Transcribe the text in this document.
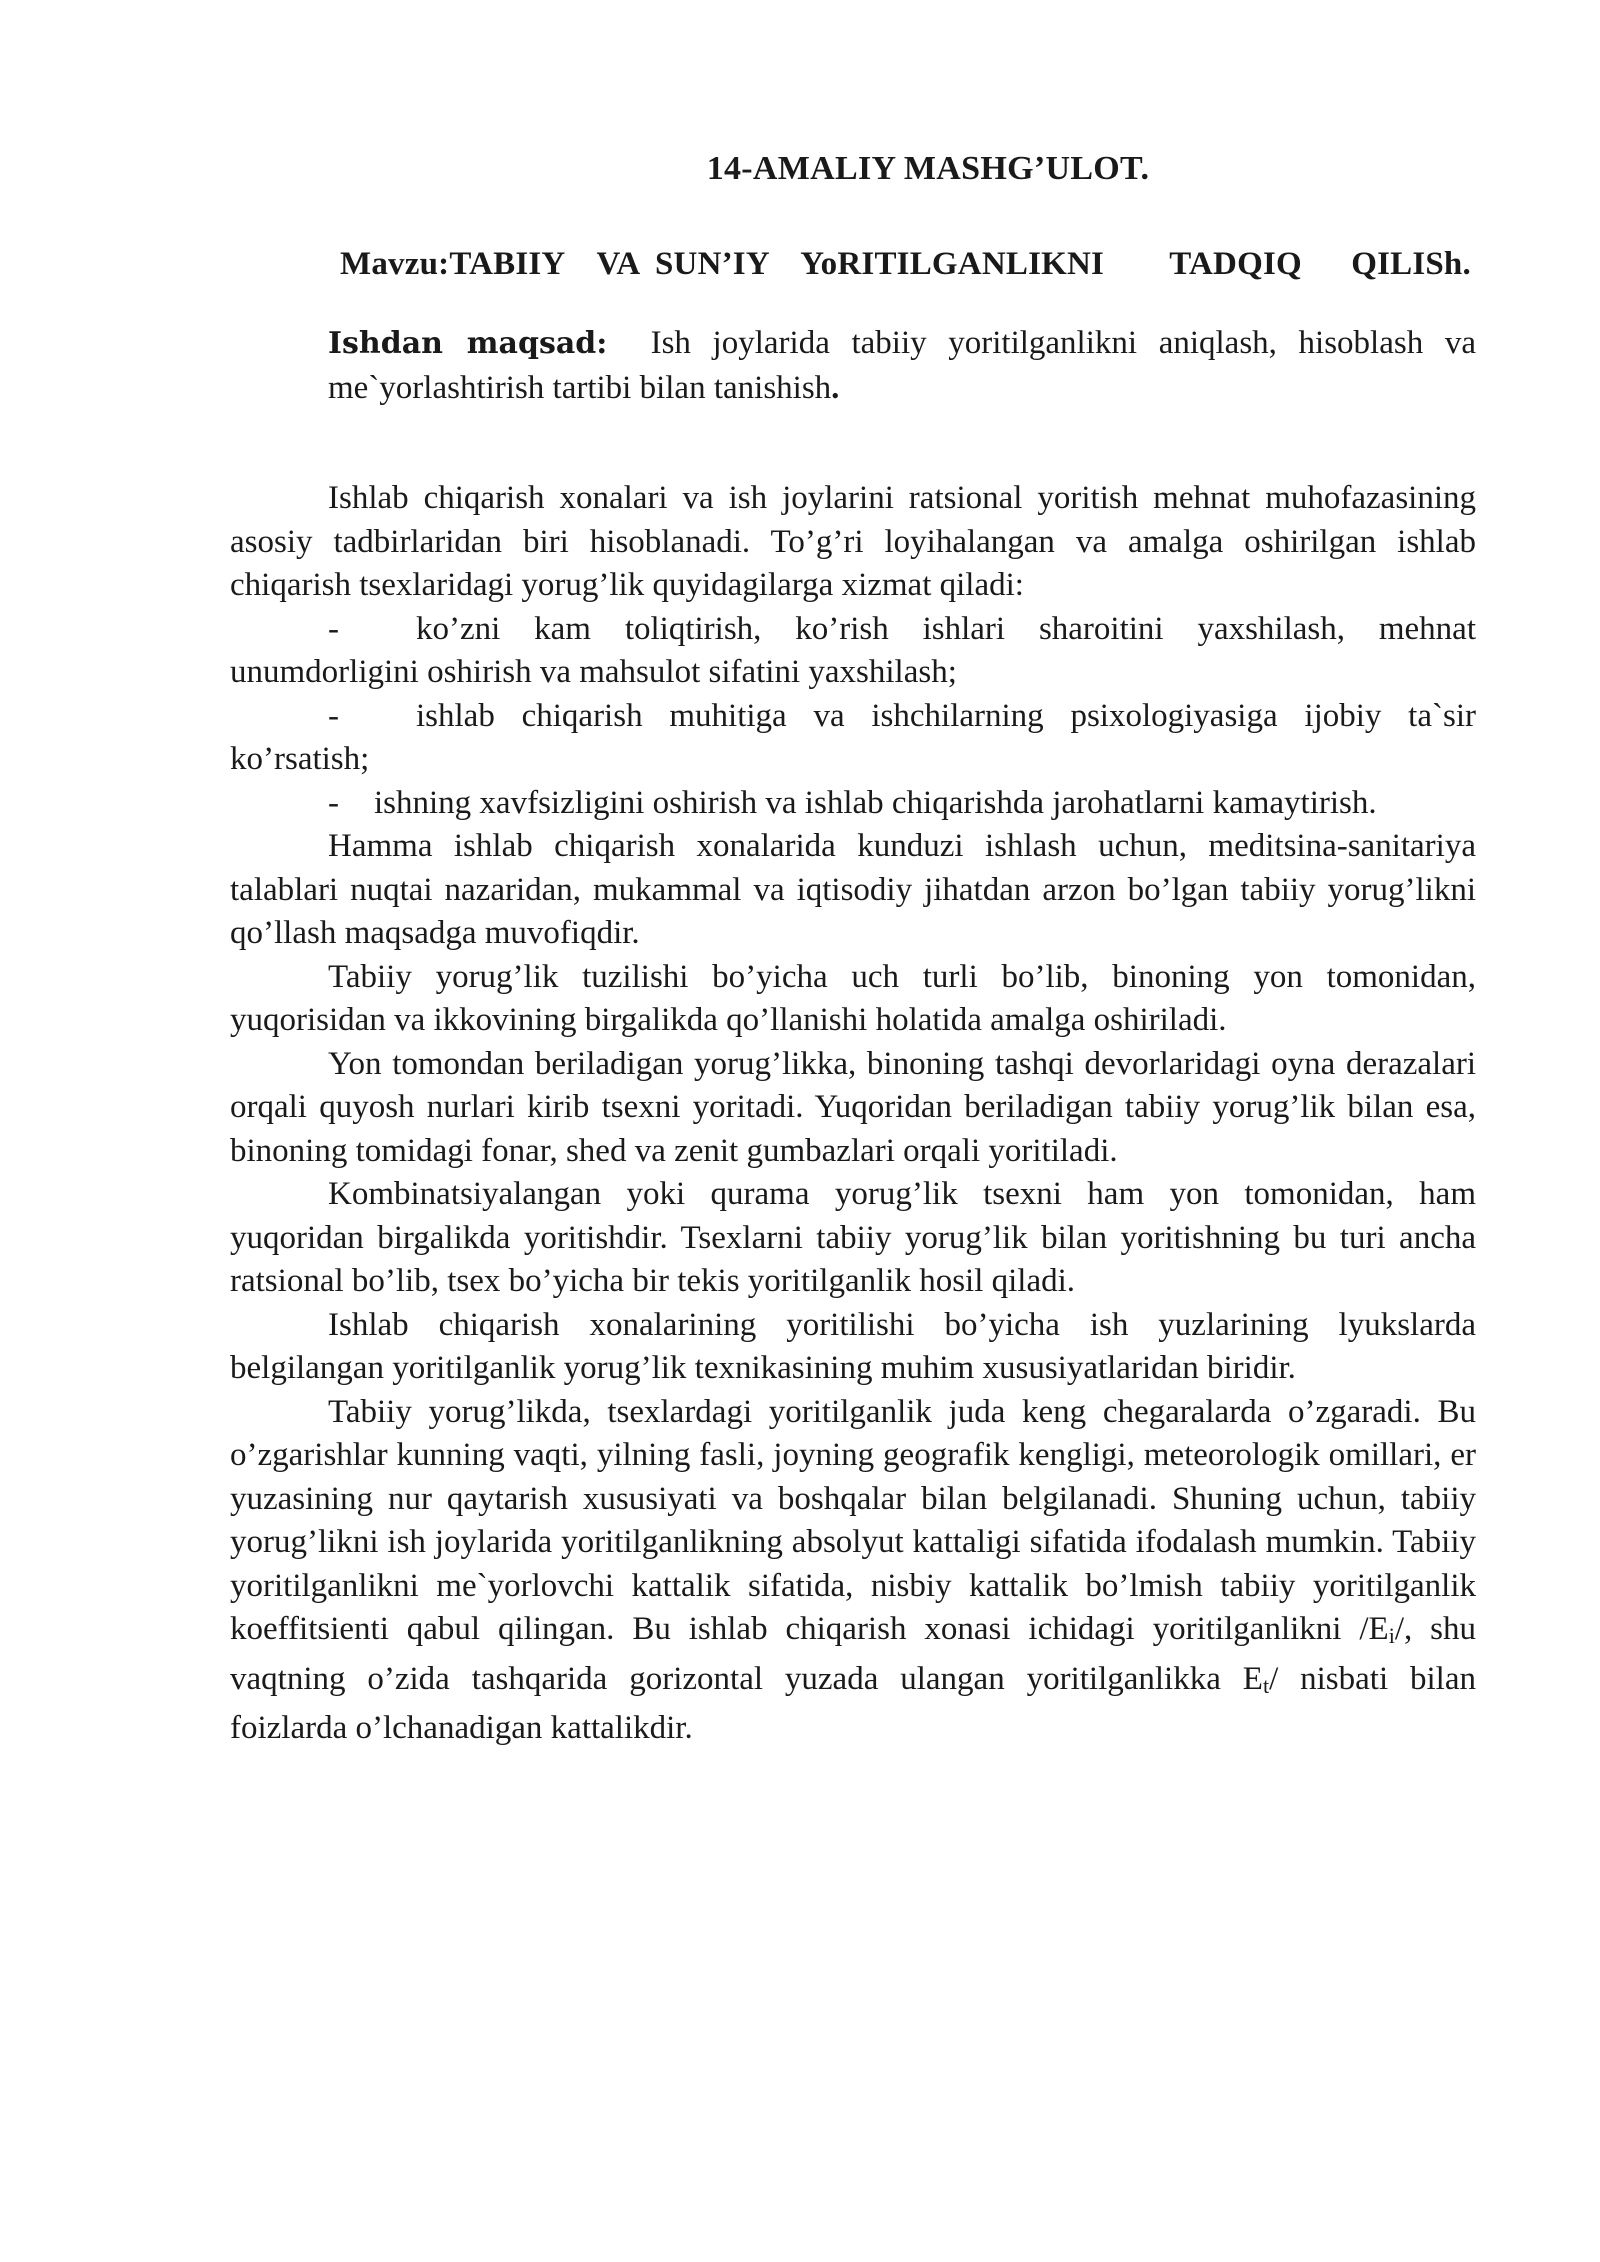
14-AMALIY MASHG’ULOT.
Mavzu:TABIIY  VA SUN’IY  YoRITILGANLIKNI    TADQIQ   QILISh.
Ishdan maqsad: Ish joylarida tabiiy yoritilganlikni aniqlash, hisoblash va me`yorlashtirish tartibi bilan tanishish.

Ishlab chiqarish xonalari va ish joylarini ratsional yoritish mehnat muhofazasining asosiy tadbirlaridan biri hisoblanadi. To’g’ri loyihalangan va amalga oshirilgan ishlab chiqarish tsexlaridagi yorug’lik quyidagilarga xizmat qiladi:

- ko’zni kam toliqtirish, ko’rish ishlari sharoitini yaxshilash, mehnat unumdorligini oshirish va mahsulot sifatini yaxshilash;

- ishlab chiqarish muhitiga va ishchilarning psixologiyasiga ijobiy ta`sir ko’rsatish;

- ishning xavfsizligini oshirish va ishlab chiqarishda jarohatlarni kamaytirish.

Hamma ishlab chiqarish xonalarida kunduzi ishlash uchun, meditsina-sanitariya talablari nuqtai nazaridan, mukammal va iqtisodiy jihatdan arzon bo’lgan tabiiy yorug’likni qo’llash maqsadga muvofiqdir.

Tabiiy yorug’lik tuzilishi bo’yicha uch turli bo’lib, binoning yon tomonidan, yuqorisidan va ikkovining birgalikda qo’llanishi holatida amalga oshiriladi.

Yon tomondan beriladigan yorug’likka, binoning tashqi devorlaridagi oyna derazalari orqali quyosh nurlari kirib tsexni yoritadi. Yuqoridan beriladigan tabiiy yorug’lik bilan esa, binoning tomidagi fonar, shed va zenit gumbazlari orqali yoritiladi.

Kombinatsiyalangan yoki qurama yorug’lik tsexni ham yon tomonidan, ham yuqoridan birgalikda yoritishdir. Tsexlarni tabiiy yorug’lik bilan yoritishning bu turi ancha ratsional bo’lib, tsex bo’yicha bir tekis yoritilganlik hosil qiladi.

Ishlab chiqarish xonalarining yoritilishi bo’yicha ish yuzlarining lyukslarda belgilangan yoritilganlik yorug’lik texnikasining muhim xususiyatlaridan biridir.

Tabiiy yorug’likda, tsexlardagi yoritilganlik juda keng chegaralarda o’zgaradi. Bu o’zgarishlar kunning vaqti, yilning fasli, joyning geografik kengligi, meteorologik omillari, er yuzasining nur qaytarish xususiyati va boshqalar bilan belgilanadi. Shuning uchun, tabiiy yorug’likni ish joylarida yoritilganlikning absolyut kattaligi sifatida ifodalash mumkin. Tabiiy yoritilganlikni me`yorlovchi kattalik sifatida, nisbiy kattalik bo’lmish tabiiy yoritilganlik koeffitsienti qabul qilingan. Bu ishlab chiqarish xonasi ichidagi yoritilganlikni /Ei/, shu vaqtning o’zida tashqarida gorizontal yuzada ulangan yoritilganlikka Et/ nisbati bilan foizlarda o’lchanadigan kattalikdir.
